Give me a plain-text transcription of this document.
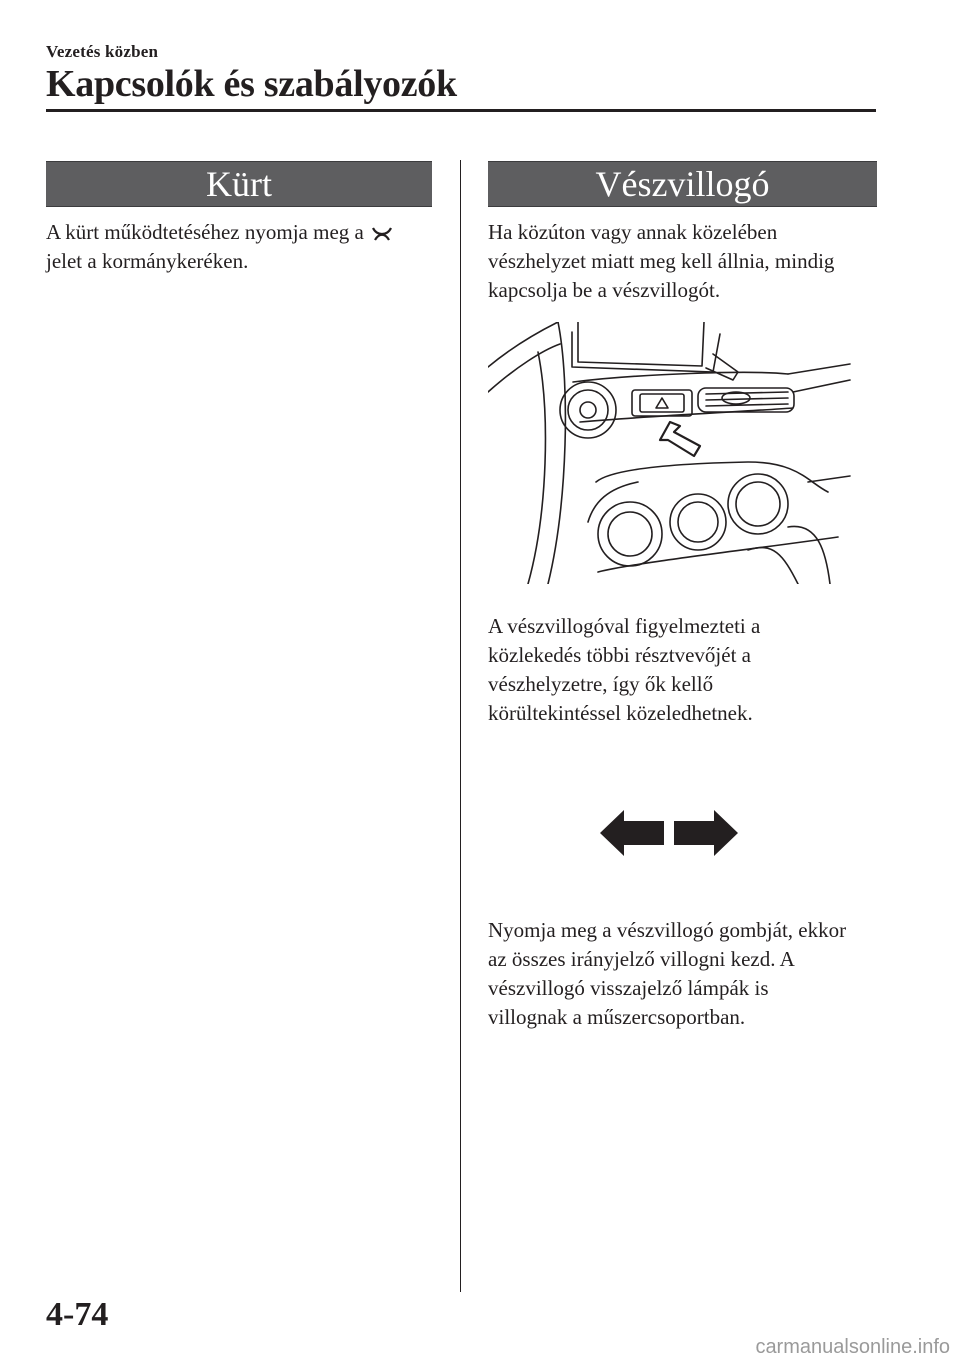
Vezetés közben
Kapcsolók és szabályozók
Kürt

A kürt működtetéséhez nyomja meg a
jelet a kormánykeréken.

Vészvillogó

Ha közúton vagy annak közelében
vészhelyzet miatt meg kell állnia, mindig
kapcsolja be a vészvillogót.

A vészvillogóval figyelmezteti a
közlekedés többi résztvevőjét a
vészhelyzetre, így ők kellő
körültekintéssel közeledhetnek.

Nyomja meg a vészvillogó gombját, ekkor
az összes irányjelző villogni kezd. A
vészvillogó visszajelző lámpák is
villognak a műszercsoportban.

4-74
carmanualsonline.info
